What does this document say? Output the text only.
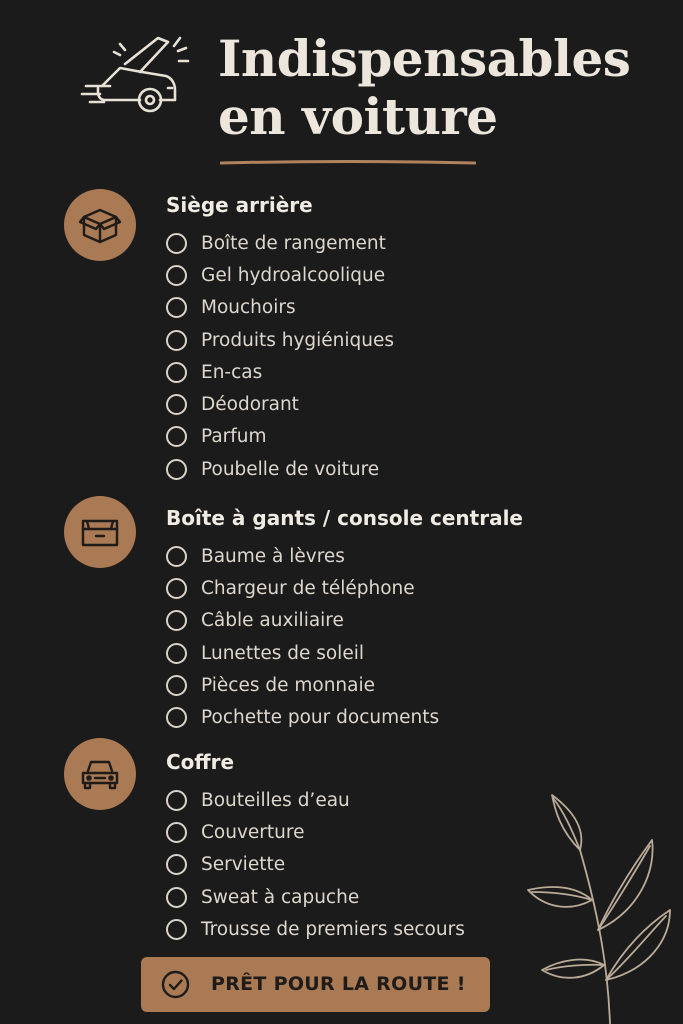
Indispensables
en voiture
Siège arrière
Boîte de rangement
Gel hydroalcoolique
Mouchoirs
Produits hygiéniques
En-cas
Déodorant
Parfum
Poubelle de voiture
Boîte à gants / console centrale
Baume à lèvres
Chargeur de téléphone
Câble auxiliaire
Lunettes de soleil
Pièces de monnaie
Pochette pour documents
Coffre
Bouteilles d’eau
Couverture
Serviette
Sweat à capuche
Trousse de premiers secours
PRÊT POUR LA ROUTE !
